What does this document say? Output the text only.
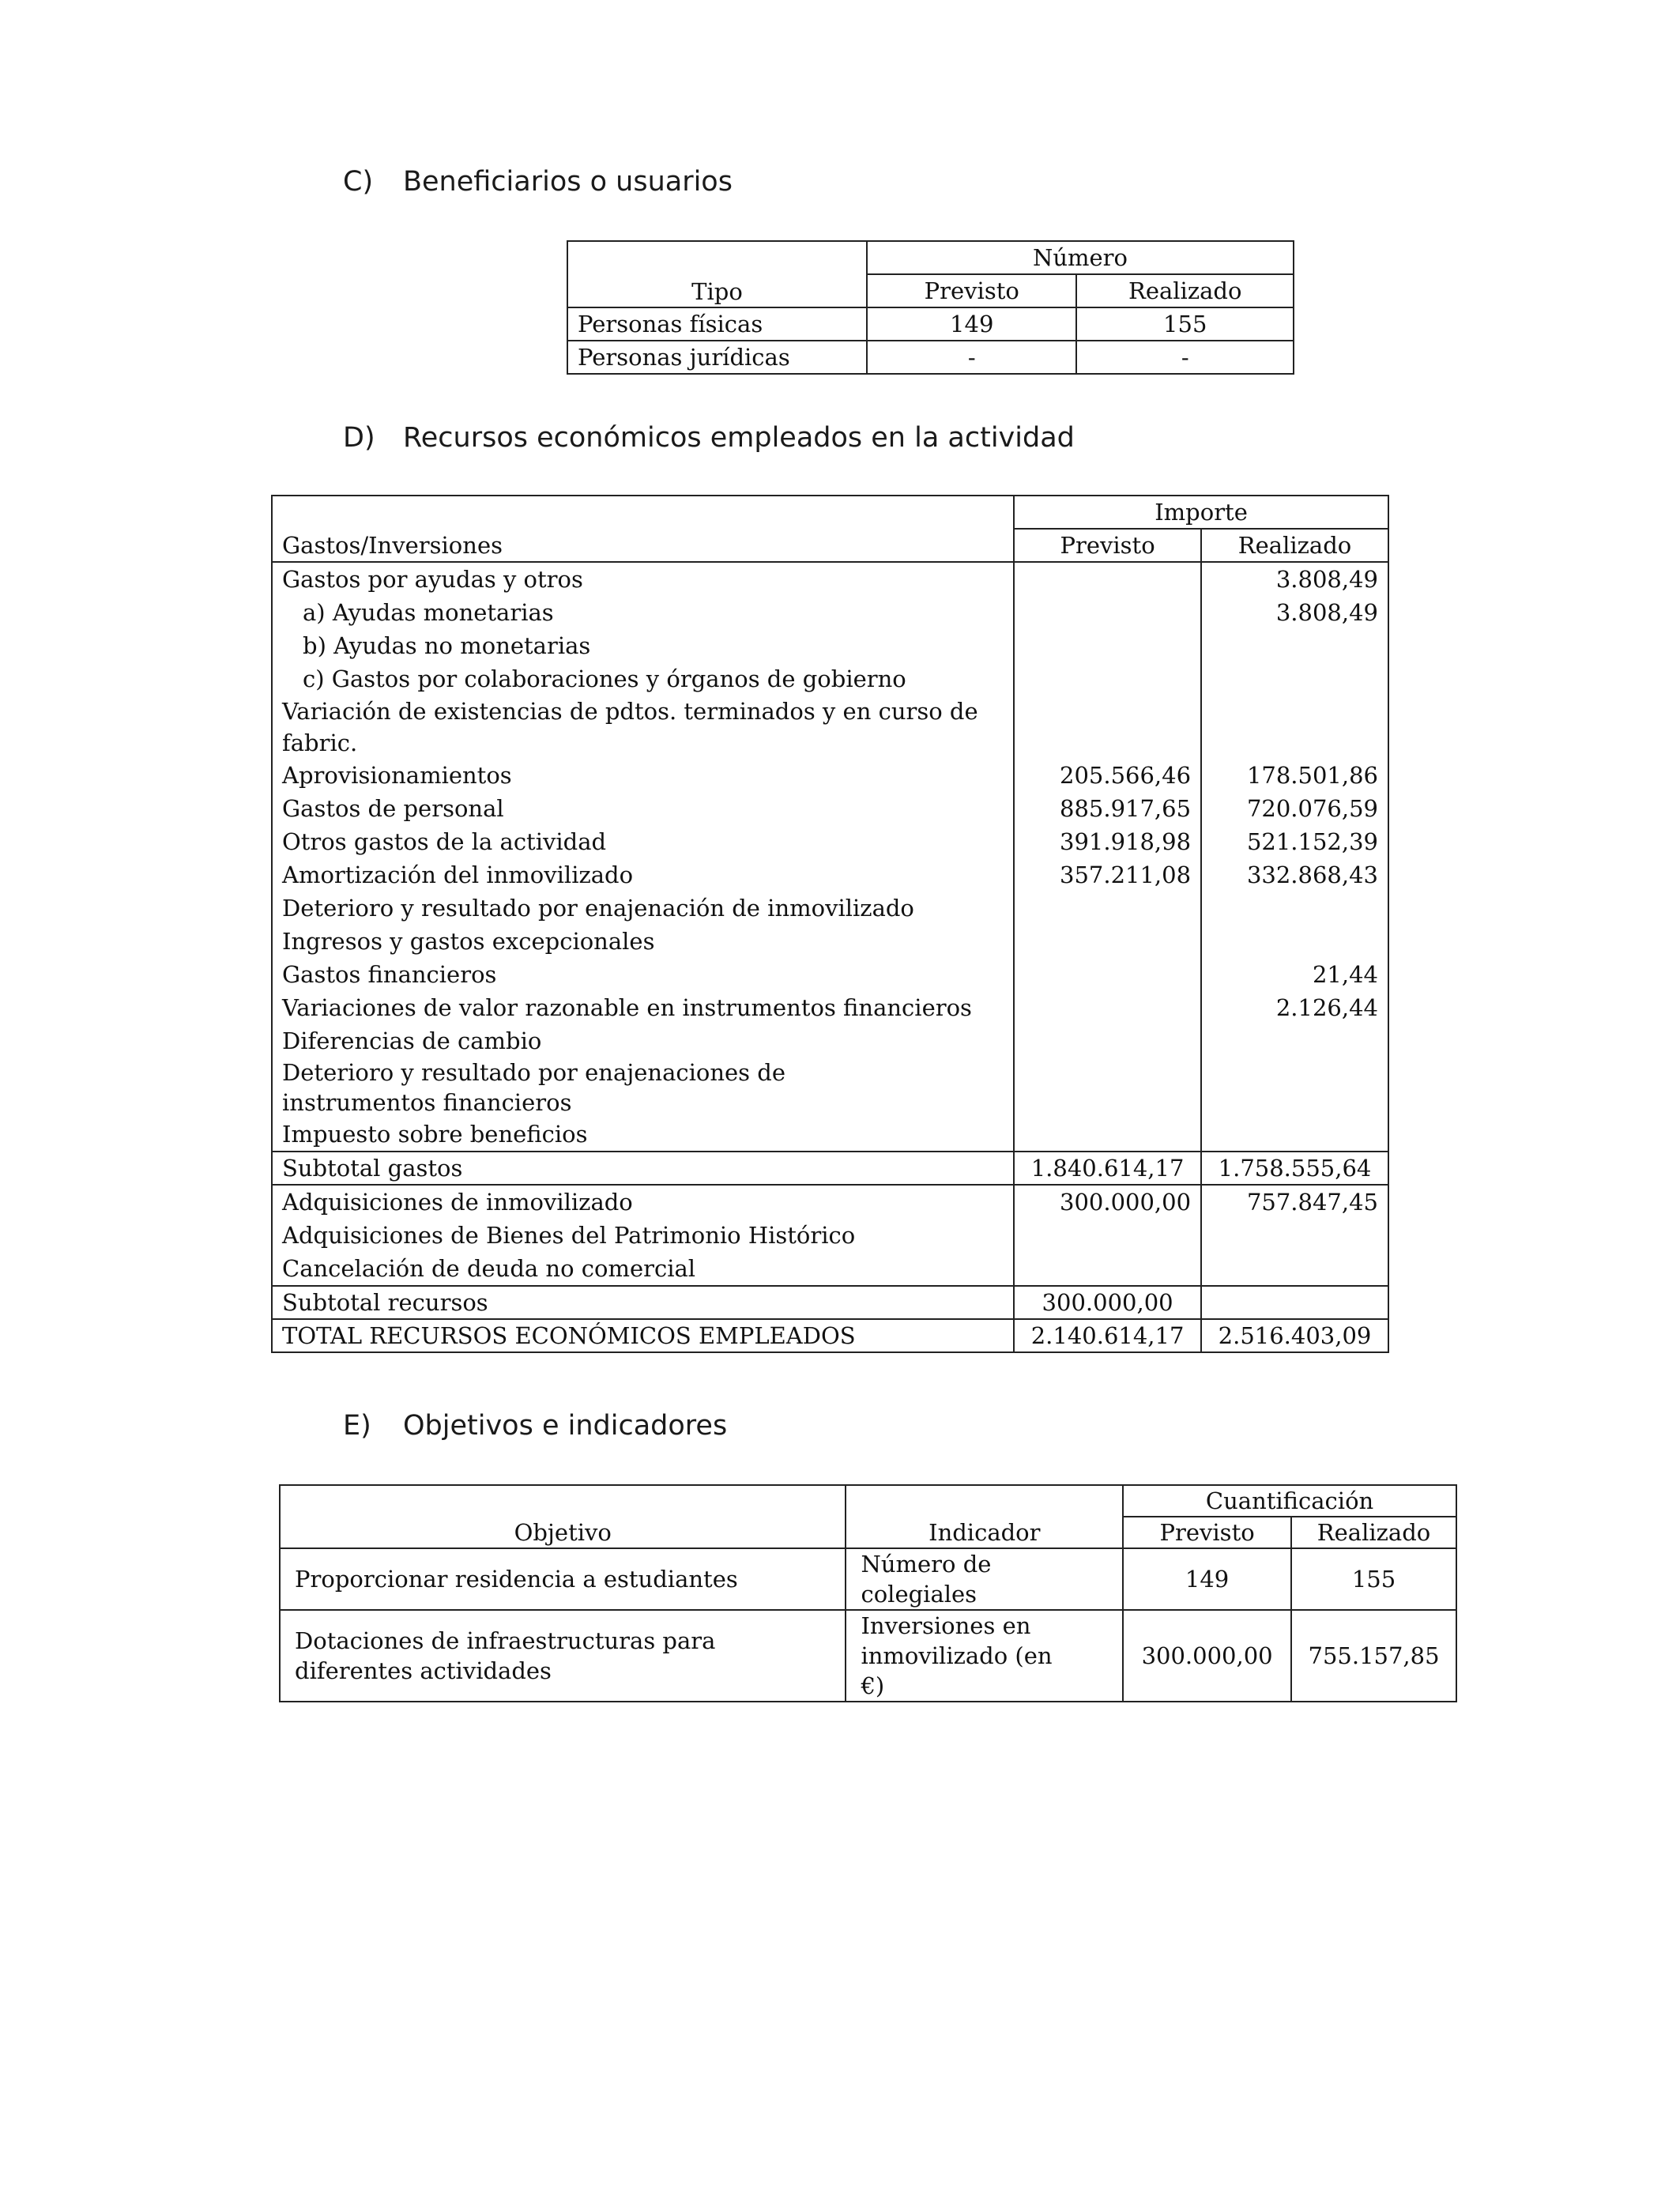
C) Beneficiarios o usuarios
Tipo	Número	
	Previsto	Realizado
Personas físicas	149	155
Personas jurídicas	-	-
D) Recursos económicos empleados en la actividad
Gastos/Inversiones	Importe	
	Previsto	Realizado
Gastos por ayudas y otros		3.808,49
a) Ayudas monetarias		3.808,49
b) Ayudas no monetarias		
c) Gastos por colaboraciones y órganos de gobierno		
Variación de existencias de pdtos. terminados y en curso de fabric.		
Aprovisionamientos	205.566,46	178.501,86
Gastos de personal	885.917,65	720.076,59
Otros gastos de la actividad	391.918,98	521.152,39
Amortización del inmovilizado	357.211,08	332.868,43
Deterioro y resultado por enajenación de inmovilizado		
Ingresos y gastos excepcionales		
Gastos financieros		21,44
Variaciones de valor razonable en instrumentos financieros		2.126,44
Diferencias de cambio		
Deterioro y resultado por enajenaciones de instrumentos financieros		
Impuesto sobre beneficios		
Subtotal gastos	1.840.614,17	1.758.555,64
Adquisiciones de inmovilizado	300.000,00	757.847,45
Adquisiciones de Bienes del Patrimonio Histórico		
Cancelación de deuda no comercial		
Subtotal recursos	300.000,00	
TOTAL RECURSOS ECONÓMICOS EMPLEADOS	2.140.614,17	2.516.403,09
E) Objetivos e indicadores
Objetivo	Indicador	Cuantificación	
		Previsto	Realizado
Proporcionar residencia a estudiantes	Número de colegiales	149	155
Dotaciones de infraestructuras para diferentes actividades	Inversiones en inmovilizado (en €)	300.000,00	755.157,85
